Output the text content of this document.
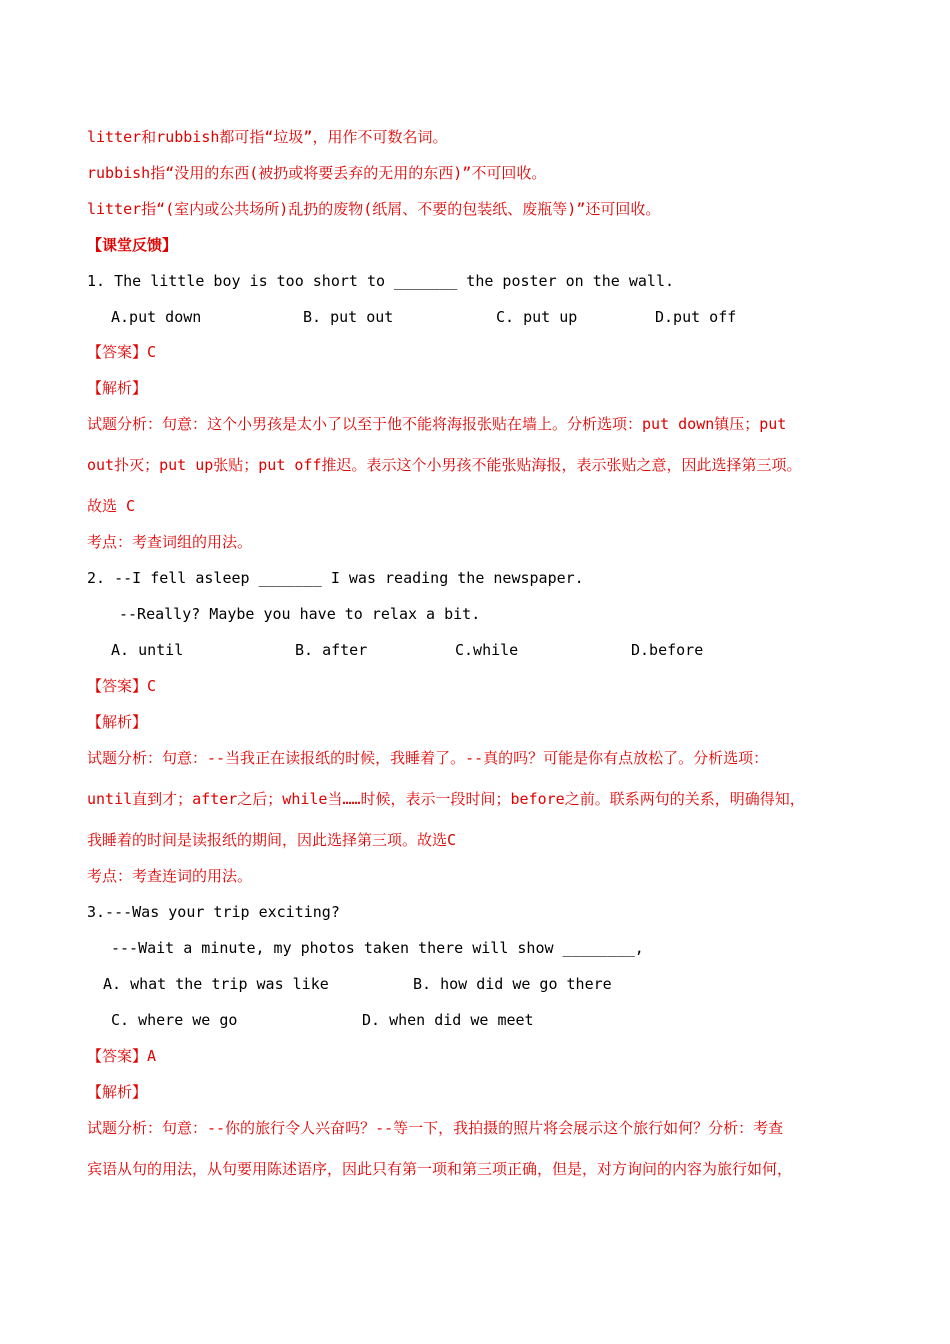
litter和rubbish都可指“垃圾”，用作不可数名词。
rubbish指“没用的东西(被扔或将要丢弃的无用的东西)”不可回收。
litter指“(室内或公共场所)乱扔的废物(纸屑、不要的包装纸、废瓶等)”还可回收。
【课堂反馈】
1. The little boy is too short to _______ the poster on the wall.
A.put down	B. put out	C. put up	D.put off
【答案】C
【解析】
试题分析：句意：这个小男孩是太小了以至于他不能将海报张贴在墙上。分析选项：put down镇压；put
out扑灭；put up张贴；put off推迟。表示这个小男孩不能张贴海报，表示张贴之意，因此选择第三项。
故选 C
考点：考查词组的用法。
2. --I fell asleep _______ I was reading the newspaper.
--Really? Maybe you have to relax a bit.
A. until	B. after	C.while	D.before
【答案】C
【解析】
试题分析：句意：--当我正在读报纸的时候，我睡着了。--真的吗？可能是你有点放松了。分析选项：
until直到才；after之后；while当……时候，表示一段时间；before之前。联系两句的关系，明确得知，
我睡着的时间是读报纸的期间，因此选择第三项。故选C
考点：考查连词的用法。
3.---Was your trip exciting?
---Wait a minute, my photos taken there will show ________,
A. what the trip was like	B. how did we go there
C. where we go	D. when did we meet
【答案】A
【解析】
试题分析：句意：--你的旅行令人兴奋吗？--等一下，我拍摄的照片将会展示这个旅行如何？分析：考查
宾语从句的用法，从句要用陈述语序，因此只有第一项和第三项正确，但是，对方询问的内容为旅行如何，
